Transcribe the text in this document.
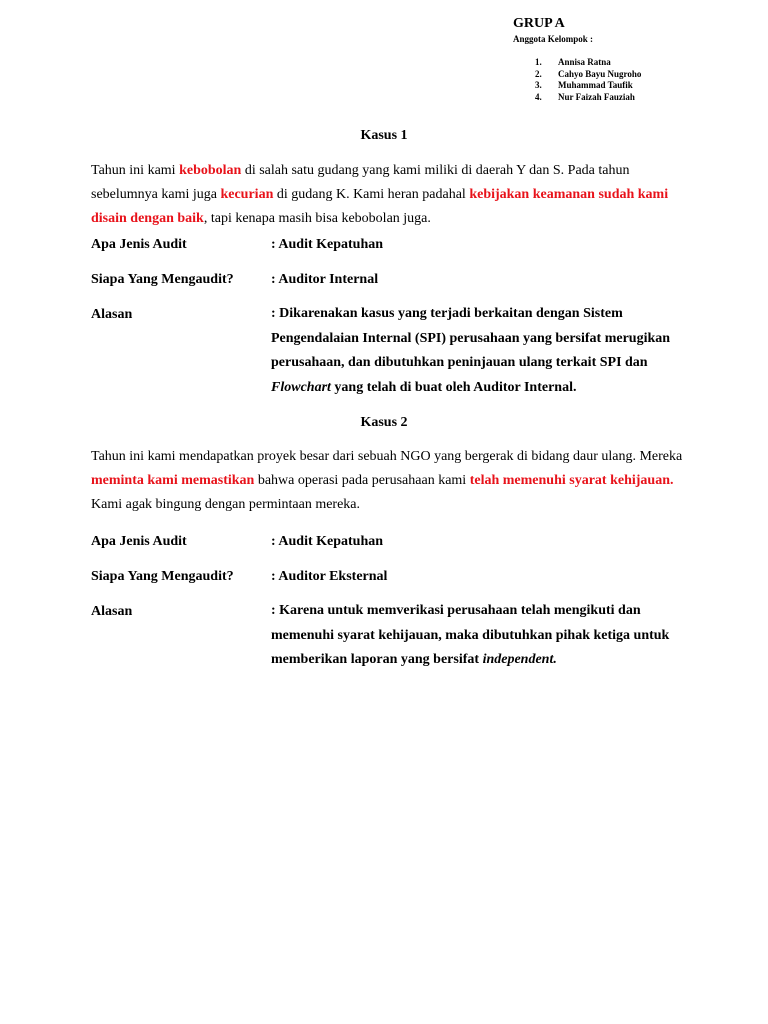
GRUP A
Anggota Kelompok :
1. Annisa Ratna
2. Cahyo Bayu Nugroho
3. Muhammad Taufik
4. Nur Faizah Fauziah
Kasus 1
Tahun ini kami kebobolan di salah satu gudang yang kami miliki di daerah Y dan S. Pada tahun
sebelumnya kami juga kecurian di gudang K. Kami heran padahal kebijakan keamanan sudah kami
disain dengan baik, tapi kenapa masih bisa kebobolan juga.
Apa Jenis Audit	: Audit Kepatuhan
Siapa Yang Mengaudit?	: Auditor Internal
Alasan	: Dikarenakan kasus yang terjadi berkaitan dengan Sistem
Pengendalaian Internal (SPI) perusahaan yang bersifat merugikan
perusahaan, dan dibutuhkan peninjauan ulang terkait SPI dan
Flowchart yang telah di buat oleh Auditor Internal.
Kasus 2
Tahun ini kami mendapatkan proyek besar dari sebuah NGO yang bergerak di bidang daur ulang. Mereka
meminta kami memastikan bahwa operasi pada perusahaan kami telah memenuhi syarat kehijauan.
Kami agak bingung dengan permintaan mereka.
Apa Jenis Audit	: Audit Kepatuhan
Siapa Yang Mengaudit?	: Auditor Eksternal
Alasan	: Karena untuk memverikasi perusahaan telah mengikuti dan
memenuhi syarat kehijauan, maka dibutuhkan pihak ketiga untuk
memberikan laporan yang bersifat independent.
